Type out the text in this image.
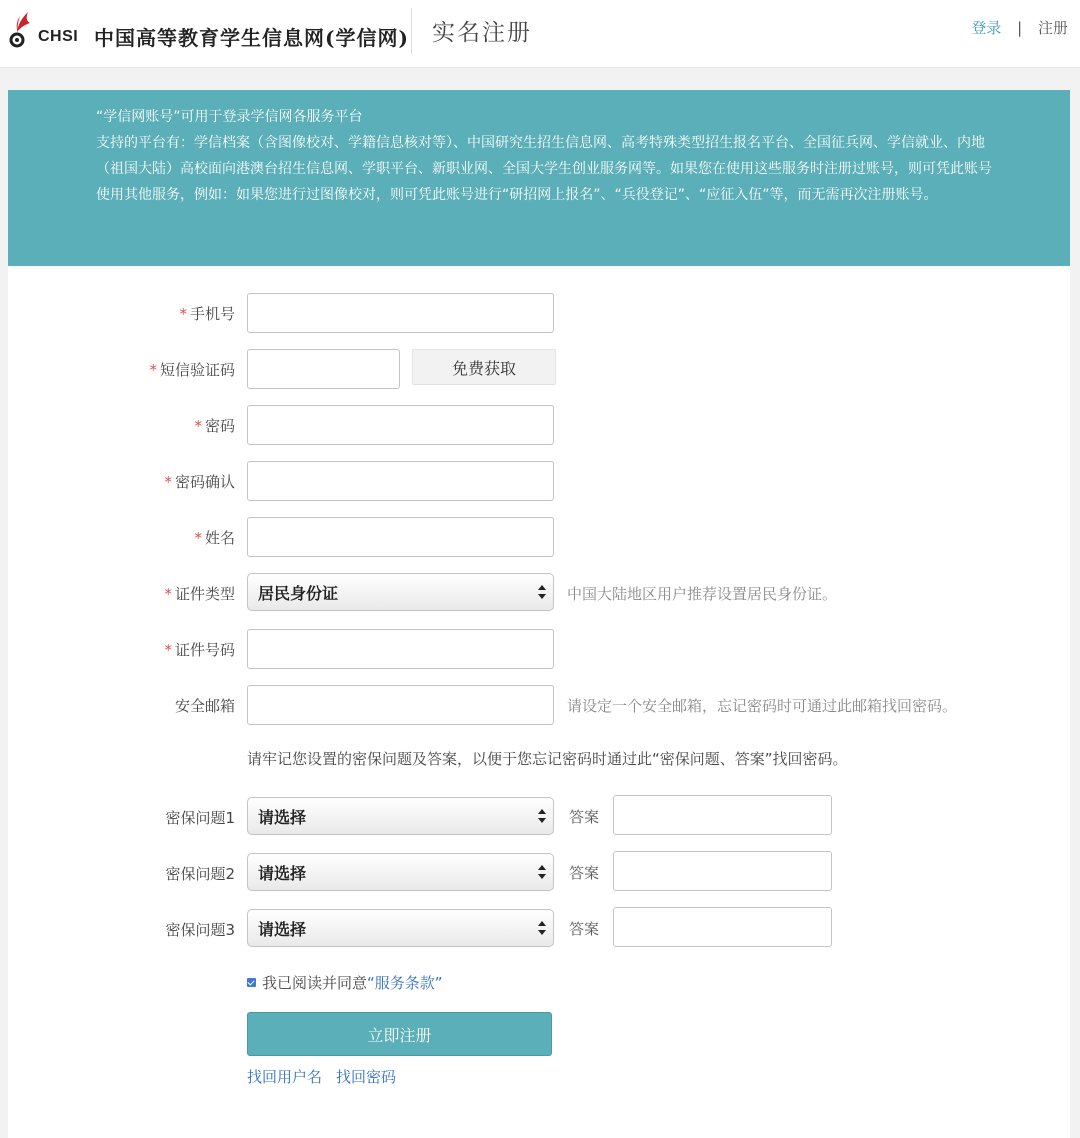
CHSI 中国高等教育学生信息网(学信网) 实名注册	登录 | 注册

“学信网账号”可用于登录学信网各服务平台

支持的平台有：学信档案（含图像校对、学籍信息核对等）、中国研究生招生信息网、高考特殊类型招生报名平台、全国征兵网、学信就业、内地（祖国大陆）高校面向港澳台招生信息网、学职平台、新职业网、全国大学生创业服务网等。如果您在使用这些服务时注册过账号，则可凭此账号使用其他服务，例如：如果您进行过图像校对，则可凭此账号进行“研招网上报名”、“兵役登记”、“应征入伍”等，而无需再次注册账号。

* 手机号
* 短信验证码	免费获取
* 密码
* 密码确认
* 姓名
* 证件类型 居民身份证	中国大陆地区用户推荐设置居民身份证。
* 证件号码
安全邮箱	请设定一个安全邮箱，忘记密码时可通过此邮箱找回密码。
请牢记您设置的密保问题及答案，以便于您忘记密码时通过此“密保问题、答案”找回密码。
密保问题1 请选择	答案
密保问题2 请选择	答案
密保问题3 请选择	答案
我已阅读并同意 “服务条款”
立即注册
找回用户名 找回密码
